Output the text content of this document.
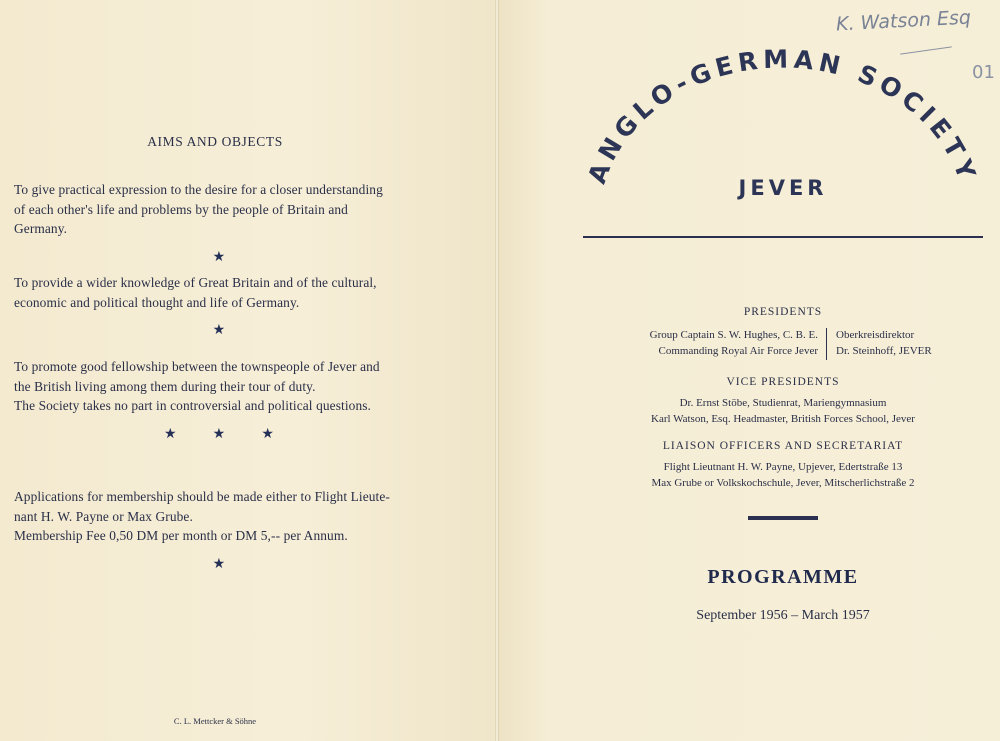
AIMS AND OBJECTS
To give practical expression to the desire for a closer understanding
of each other's life and problems by the people of Britain and
Germany.
★
To provide a wider knowledge of Great Britain and of the cultural,
economic and political thought and life of Germany.
★
To promote good fellowship between the townspeople of Jever and
the British living among them during their tour of duty.
The Society takes no part in controversial and political questions.
★          ★          ★
Applications for membership should be made either to Flight Lieute-
nant H. W. Payne or Max Grube.
Membership Fee 0,50 DM per month or DM 5,-- per Annum.
★
C. L. Mettcker & Söhne
ANGLO-GERMAN SOCIETY
JEVER
PRESIDENTS
Group Captain S. W. Hughes, C. B. E.
Commanding Royal Air Force Jever
Oberkreisdirektor
Dr. Steinhoff, JEVER
VICE PRESIDENTS
Dr. Ernst Stöbe, Studienrat, Mariengymnasium
Karl Watson, Esq. Headmaster, British Forces School, Jever
LIAISON OFFICERS AND SECRETARIAT
Flight Lieutnant H. W. Payne, Upjever, Edertstraße 13
Max Grube or Volkskochschule, Jever, Mitscherlichstraße 2
PROGRAMME
September 1956 – March 1957
K. Watson Esq
01
